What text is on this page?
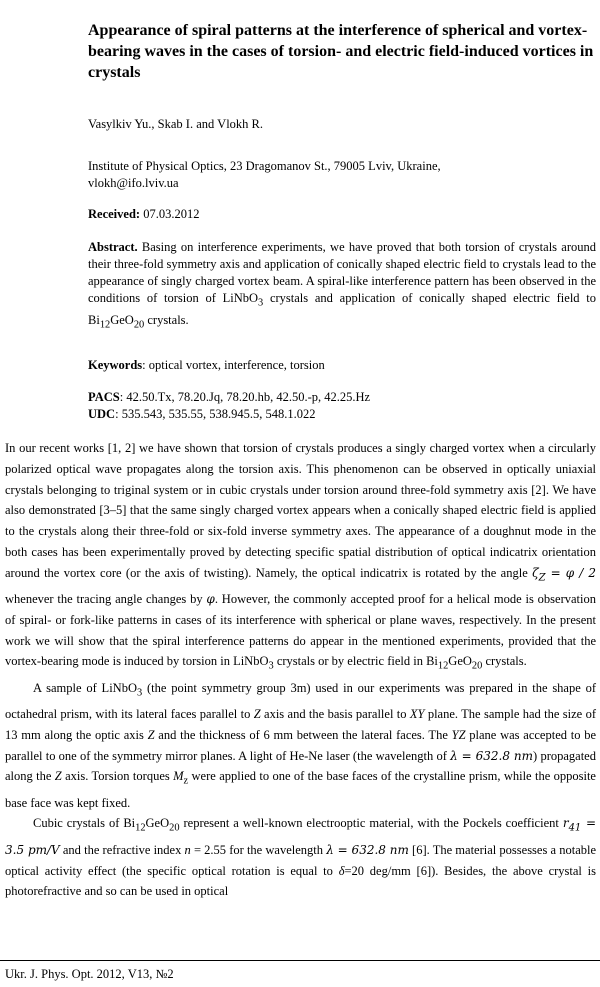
Appearance of spiral patterns at the interference of spherical and vortex-bearing waves in the cases of torsion- and electric field-induced vortices in crystals
Vasylkiv Yu., Skab I. and Vlokh R.
Institute of Physical Optics, 23 Dragomanov St., 79005 Lviv, Ukraine,
vlokh@ifo.lviv.ua
Received: 07.03.2012
Abstract. Basing on interference experiments, we have proved that both torsion of crystals around their three-fold symmetry axis and application of conically shaped electric field to crystals lead to the appearance of singly charged vortex beam. A spiral-like interference pattern has been observed in the conditions of torsion of LiNbO$_3$ crystals and application of conically shaped electric field to $Bi_{12}GeO_{20}$ crystals.
Keywords: optical vortex, interference, torsion
PACS: 42.50.Tx, 78.20.Jq, 78.20.hb, 42.50.-p, 42.25.Hz
UDC: 535.543, 535.55, 538.945.5, 548.1.022

In our recent works [1, 2] we have shown that torsion of crystals produces a singly charged vortex when a circularly polarized optical wave propagates along the torsion axis. This phenomenon can be observed in optically uniaxial crystals belonging to triginal system or in cubic crystals under torsion around three-fold symmetry axis [2]. We have also demonstrated [3–5] that the same singly charged vortex appears when a conically shaped electric field is applied to the crystals along their three-fold or six-fold inverse symmetry axes. The appearance of a doughnut mode in the both cases has been experimentally proved by detecting specific spatial distribution of optical indicatrix orientation around the vortex core (or the axis of twisting). Namely, the optical indicatrix is rotated by the angle $\zeta_Z = \varphi / 2$ whenever the tracing angle changes by φ. However, the commonly accepted proof for a helical mode is observation of spiral- or fork-like patterns in cases of its interference with spherical or plane waves, respectively. In the present work we will show that the spiral interference patterns do appear in the mentioned experiments, provided that the vortex-bearing mode is induced by torsion in LiNbO$_3$ crystals or by electric field in $Bi_{12}GeO_{20}$ crystals.

A sample of LiNbO$_3$ (the point symmetry group 3m) used in our experiments was prepared in the shape of octahedral prism, with its lateral faces parallel to Z axis and the basis parallel to XY plane. The sample had the size of 13 mm along the optic axis Z and the thickness of 6 mm between the lateral faces. The YZ plane was accepted to be parallel to one of the symmetry mirror planes. A light of He-Ne laser (the wavelength of λ = 632.8 nm) propagated along the Z axis. Torsion torques $M_z$ were applied to one of the base faces of the crystalline prism, while the opposite base face was kept fixed.

Cubic crystals of $Bi_{12}GeO_{20}$ represent a well-known electrooptic material, with the Pockels coefficient $r_{41} = 3.5$ pm/V and the refractive index n = 2.55 for the wavelength λ = 632.8 nm [6]. The material possesses a notable optical activity effect (the specific optical rotation is equal to δ=20 deg/mm [6]). Besides, the above crystal is photorefractive and so can be used in optical

Ukr. J. Phys. Opt. 2012, V13, №2
